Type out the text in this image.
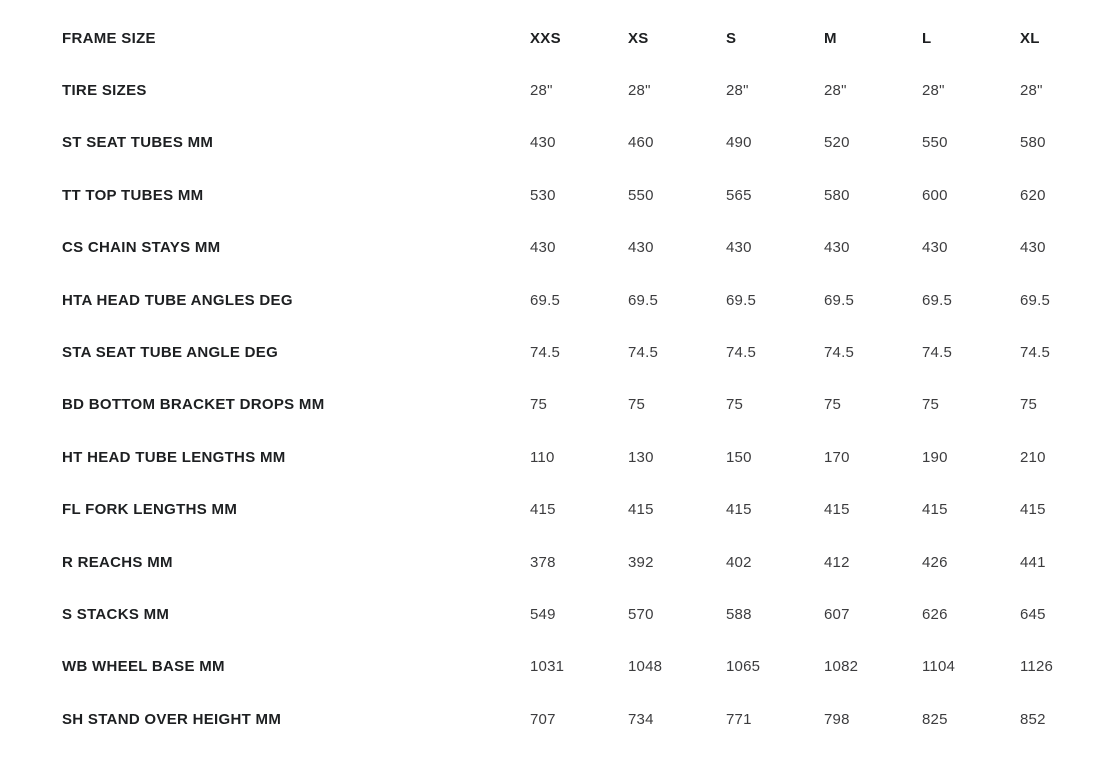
FRAME SIZE	XXS	XS	S	M	L	XL
TIRE SIZES	28"	28"	28"	28"	28"	28"
ST SEAT TUBES MM	430	460	490	520	550	580
TT TOP TUBES MM	530	550	565	580	600	620
CS CHAIN STAYS MM	430	430	430	430	430	430
HTA HEAD TUBE ANGLES DEG	69.5	69.5	69.5	69.5	69.5	69.5
STA SEAT TUBE ANGLE DEG	74.5	74.5	74.5	74.5	74.5	74.5
BD BOTTOM BRACKET DROPS MM	75	75	75	75	75	75
HT HEAD TUBE LENGTHS MM	110	130	150	170	190	210
FL FORK LENGTHS MM	415	415	415	415	415	415
R REACHS MM	378	392	402	412	426	441
S STACKS MM	549	570	588	607	626	645
WB WHEEL BASE MM	1031	1048	1065	1082	1104	1126
SH STAND OVER HEIGHT MM	707	734	771	798	825	852
